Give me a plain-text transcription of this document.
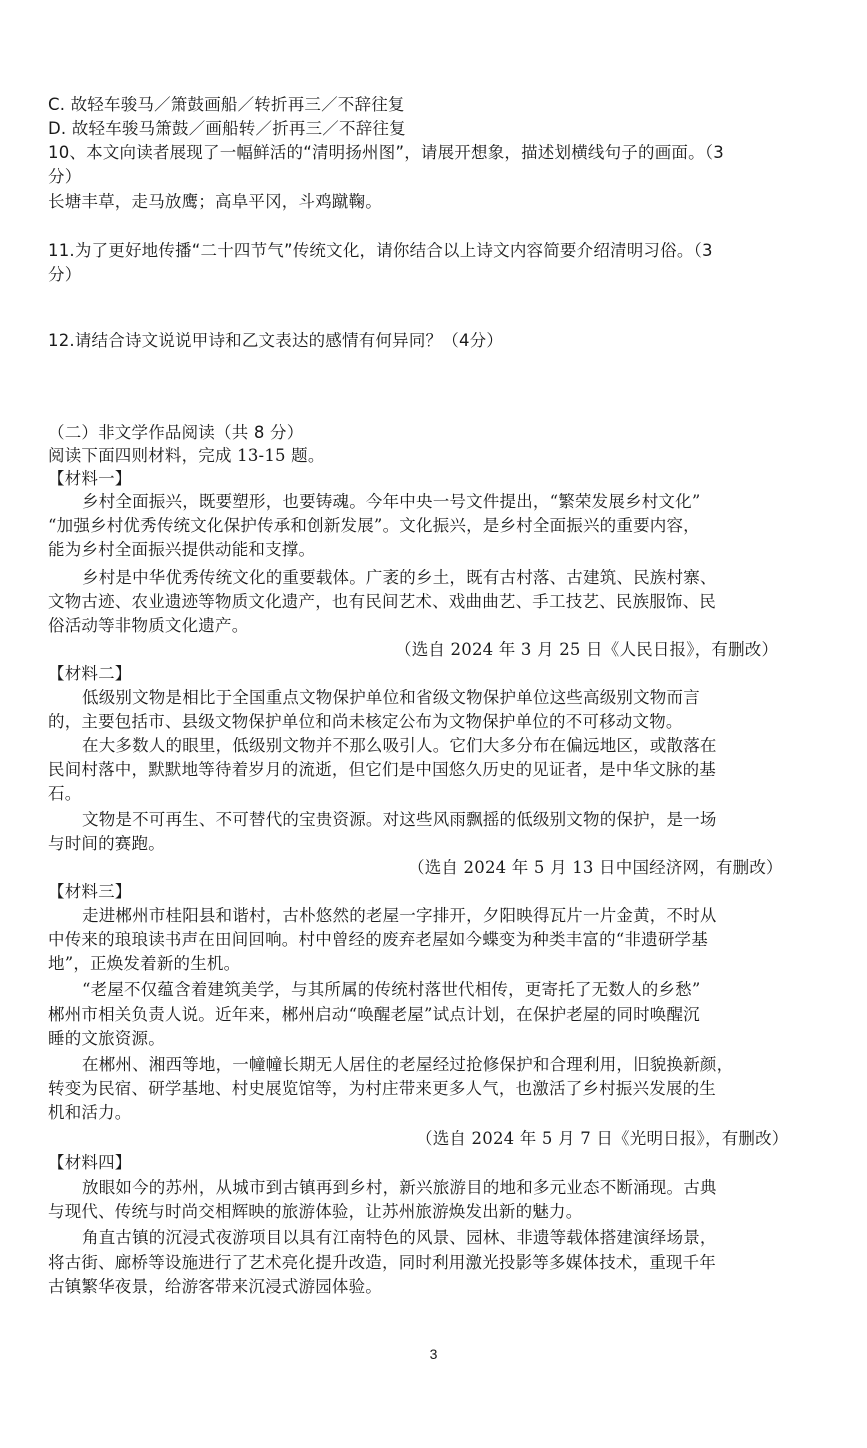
C. 故轻车骏马／箫鼓画船／转折再三／不辞往复
D. 故轻车骏马箫鼓／画船转／折再三／不辞往复
10、本文向读者展现了一幅鲜活的“清明扬州图”，请展开想象，描述划横线句子的画面。（3
分）
长塘丰草，走马放鹰；高阜平冈，斗鸡蹴鞠。
11.为了更好地传播“二十四节气”传统文化，请你结合以上诗文内容简要介绍清明习俗。（3
分）
12.请结合诗文说说甲诗和乙文表达的感情有何异同？（4分）
（二）非文学作品阅读（共 8 分）
阅读下面四则材料，完成 13-15 题。
【材料一】
乡村全面振兴，既要塑形，也要铸魂。今年中央一号文件提出，“繁荣发展乡村文化”
“加强乡村优秀传统文化保护传承和创新发展”。文化振兴，是乡村全面振兴的重要内容，
能为乡村全面振兴提供动能和支撑。
乡村是中华优秀传统文化的重要载体。广袤的乡土，既有古村落、古建筑、民族村寨、
文物古迹、农业遗迹等物质文化遗产，也有民间艺术、戏曲曲艺、手工技艺、民族服饰、民
俗活动等非物质文化遗产。
（选自 2024 年 3 月 25 日《人民日报》，有删改）
【材料二】
低级别文物是相比于全国重点文物保护单位和省级文物保护单位这些高级别文物而言
的，主要包括市、县级文物保护单位和尚未核定公布为文物保护单位的不可移动文物。
在大多数人的眼里，低级别文物并不那么吸引人。它们大多分布在偏远地区，或散落在
民间村落中，默默地等待着岁月的流逝，但它们是中国悠久历史的见证者，是中华文脉的基
石。
文物是不可再生、不可替代的宝贵资源。对这些风雨飘摇的低级别文物的保护，是一场
与时间的赛跑。
（选自 2024 年 5 月 13 日中国经济网，有删改）
【材料三】
走进郴州市桂阳县和谐村，古朴悠然的老屋一字排开，夕阳映得瓦片一片金黄，不时从
中传来的琅琅读书声在田间回响。村中曾经的废弃老屋如今蝶变为种类丰富的“非遗研学基
地”，正焕发着新的生机。
“老屋不仅蕴含着建筑美学，与其所属的传统村落世代相传，更寄托了无数人的乡愁”
郴州市相关负责人说。近年来，郴州启动“唤醒老屋”试点计划，在保护老屋的同时唤醒沉
睡的文旅资源。
在郴州、湘西等地，一幢幢长期无人居住的老屋经过抢修保护和合理利用，旧貌换新颜，
转变为民宿、研学基地、村史展览馆等，为村庄带来更多人气，也激活了乡村振兴发展的生
机和活力。
（选自 2024 年 5 月 7 日《光明日报》，有删改）
【材料四】
放眼如今的苏州，从城市到古镇再到乡村，新兴旅游目的地和多元业态不断涌现。古典
与现代、传统与时尚交相辉映的旅游体验，让苏州旅游焕发出新的魅力。
角直古镇的沉浸式夜游项目以具有江南特色的风景、园林、非遗等载体搭建演绎场景，
将古街、廊桥等设施进行了艺术亮化提升改造，同时利用激光投影等多媒体技术，重现千年
古镇繁华夜景，给游客带来沉浸式游园体验。
3
